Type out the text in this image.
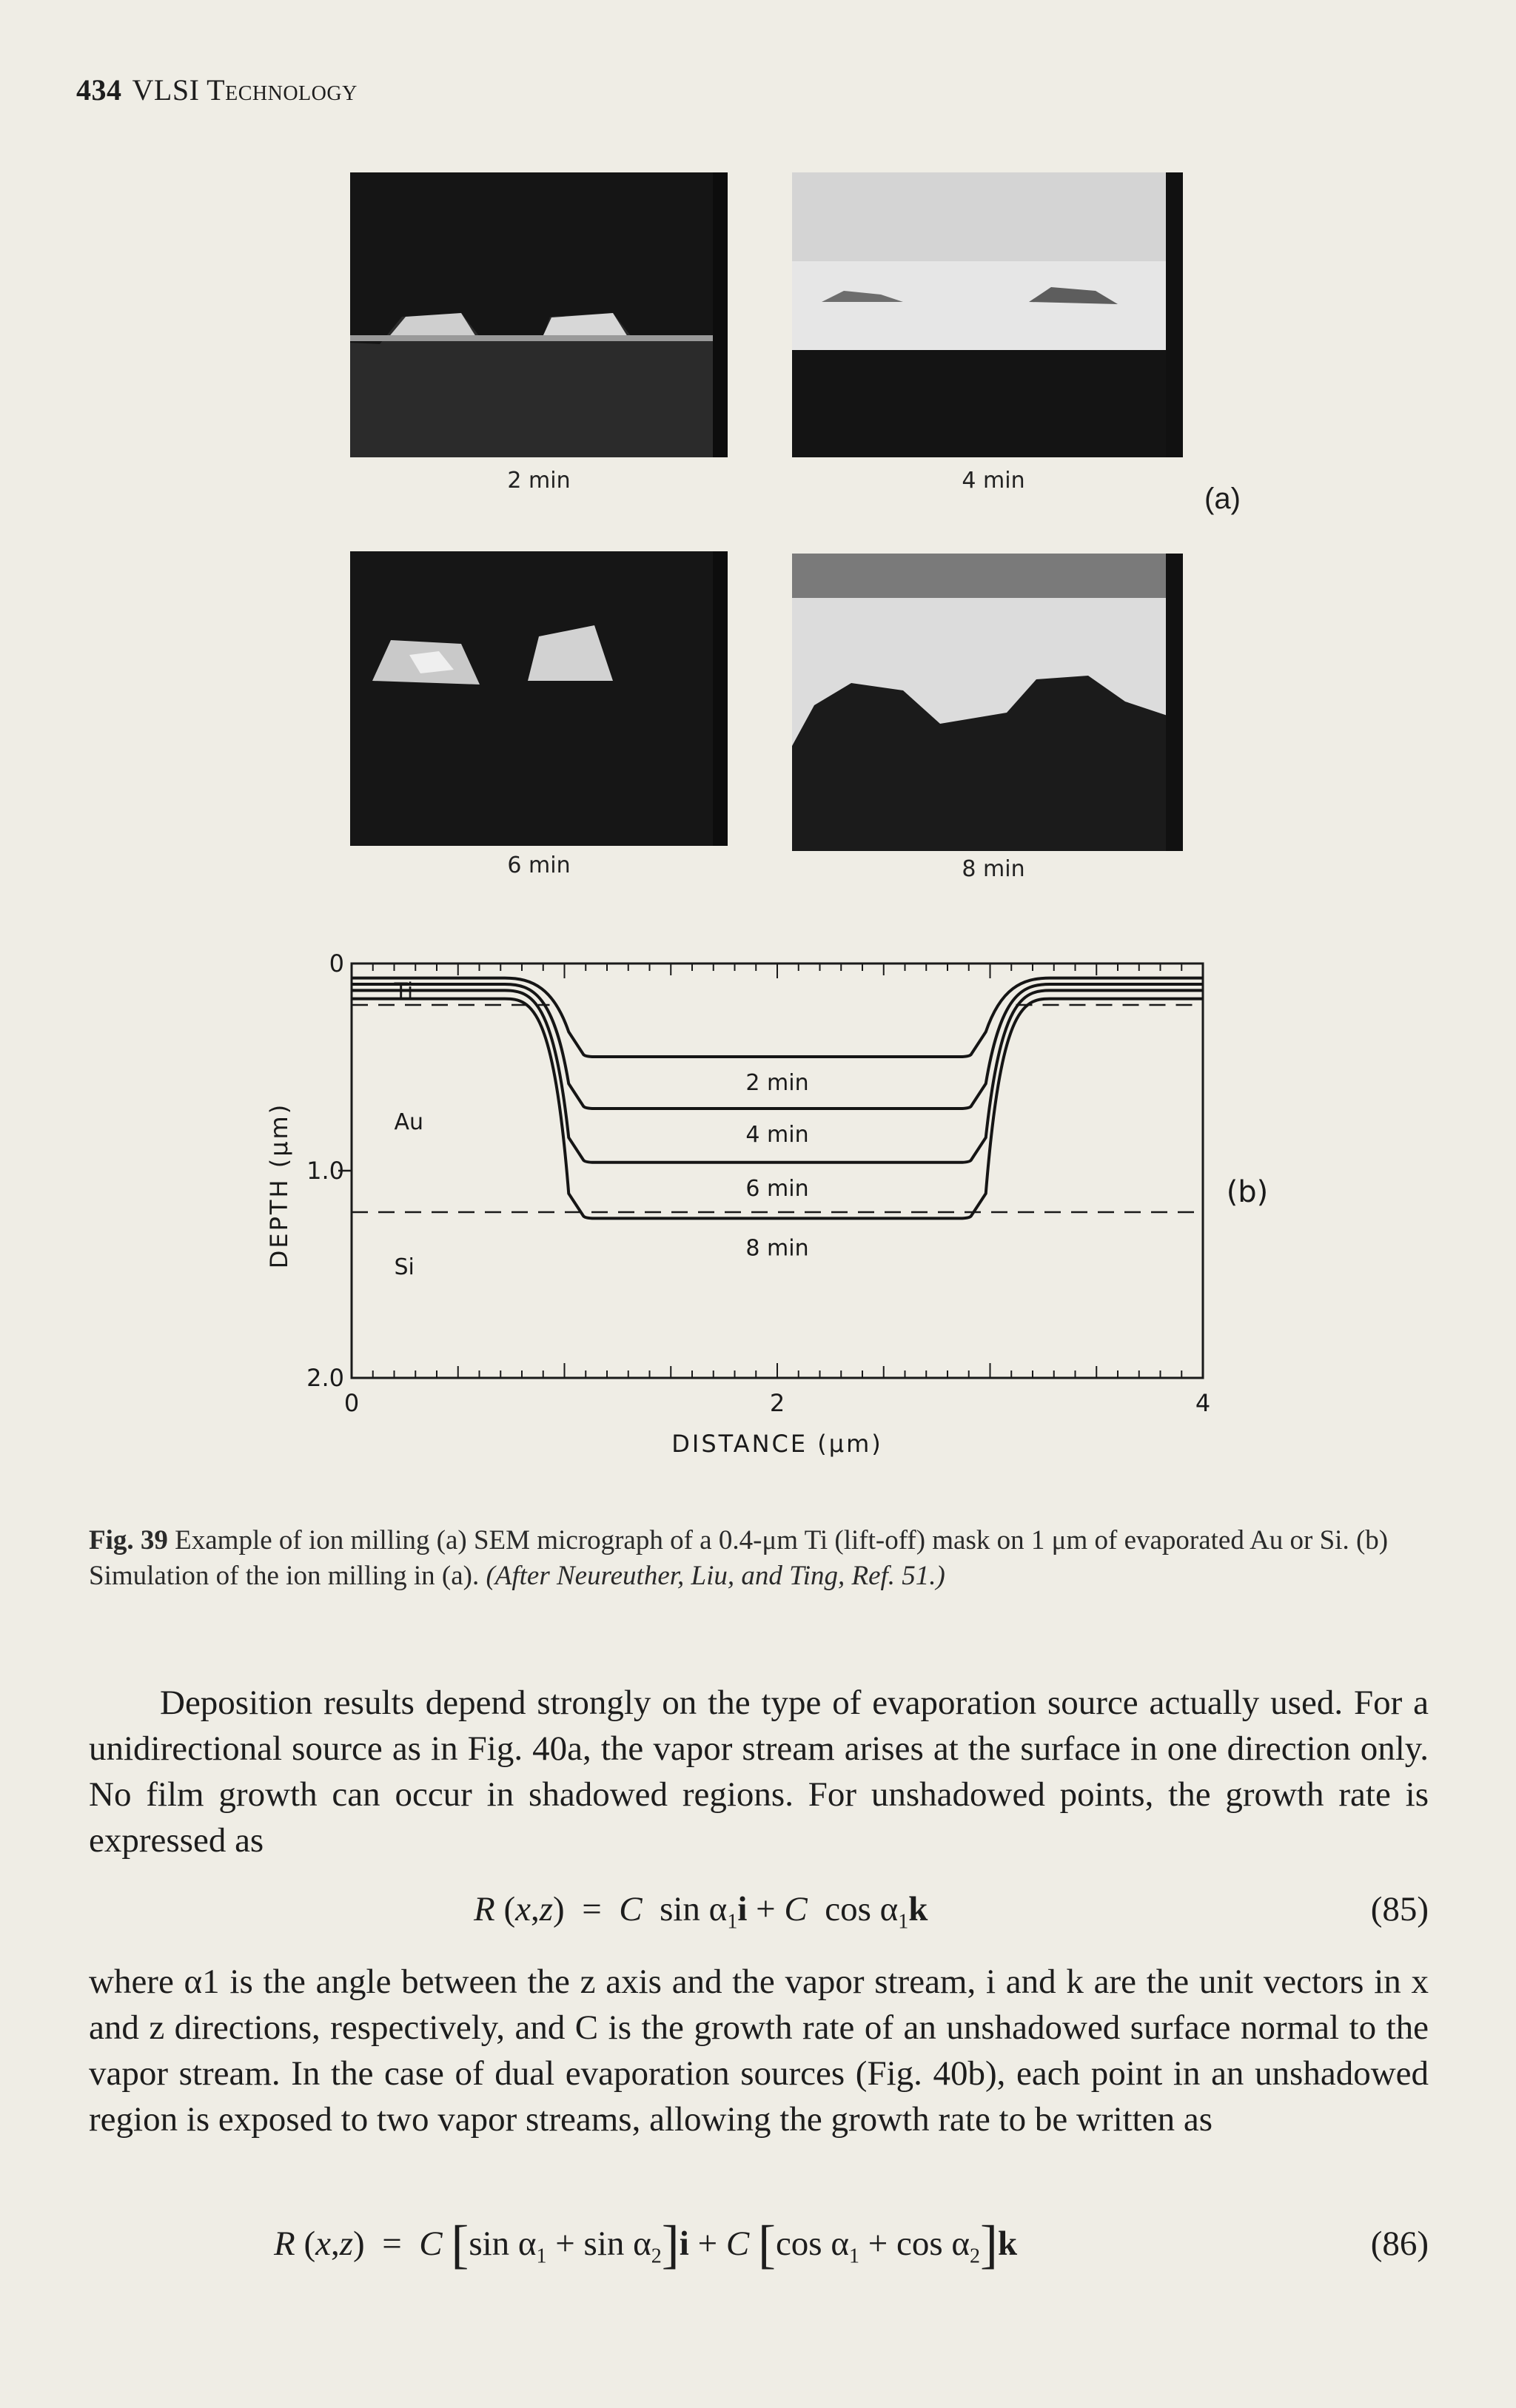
434 VLSI Technology
2 min	4 min
(a)
6 min	8 min
0	2	4
0
1.0
2.0
DISTANCE (μm)
DEPTH (μm)
Ti
Au
Si
2 min
4 min
6 min
8 min
(b)
Fig. 39 Example of ion milling (a) SEM micrograph of a 0.4-μm Ti (lift-off) mask on 1 μm of evaporated Au or Si. (b) Simulation of the ion milling in (a). (After Neureuther, Liu, and Ting, Ref. 51.)
Deposition results depend strongly on the type of evaporation source actually used. For a unidirectional source as in Fig. 40a, the vapor stream arises at the surface in one direction only. No film growth can occur in shadowed regions. For unshadowed points, the growth rate is expressed as
R (x,z)  =  C  $\sin \alpha_1i + C$  $\cos \alpha_1k$	(85)
where α1 is the angle between the z axis and the vapor stream, i and k are the unit vectors in x and z directions, respectively, and C is the growth rate of an unshadowed surface normal to the vapor stream. In the case of dual evaporation sources (Fig. 40b), each point in an unshadowed region is exposed to two vapor streams, allowing the growth rate to be written as
R (x,z)  =  C [sin $\alpha_1 + \sin \alpha_2]i + C$ [cos $\alpha_1 + \cos \alpha_2]k$	(86)
